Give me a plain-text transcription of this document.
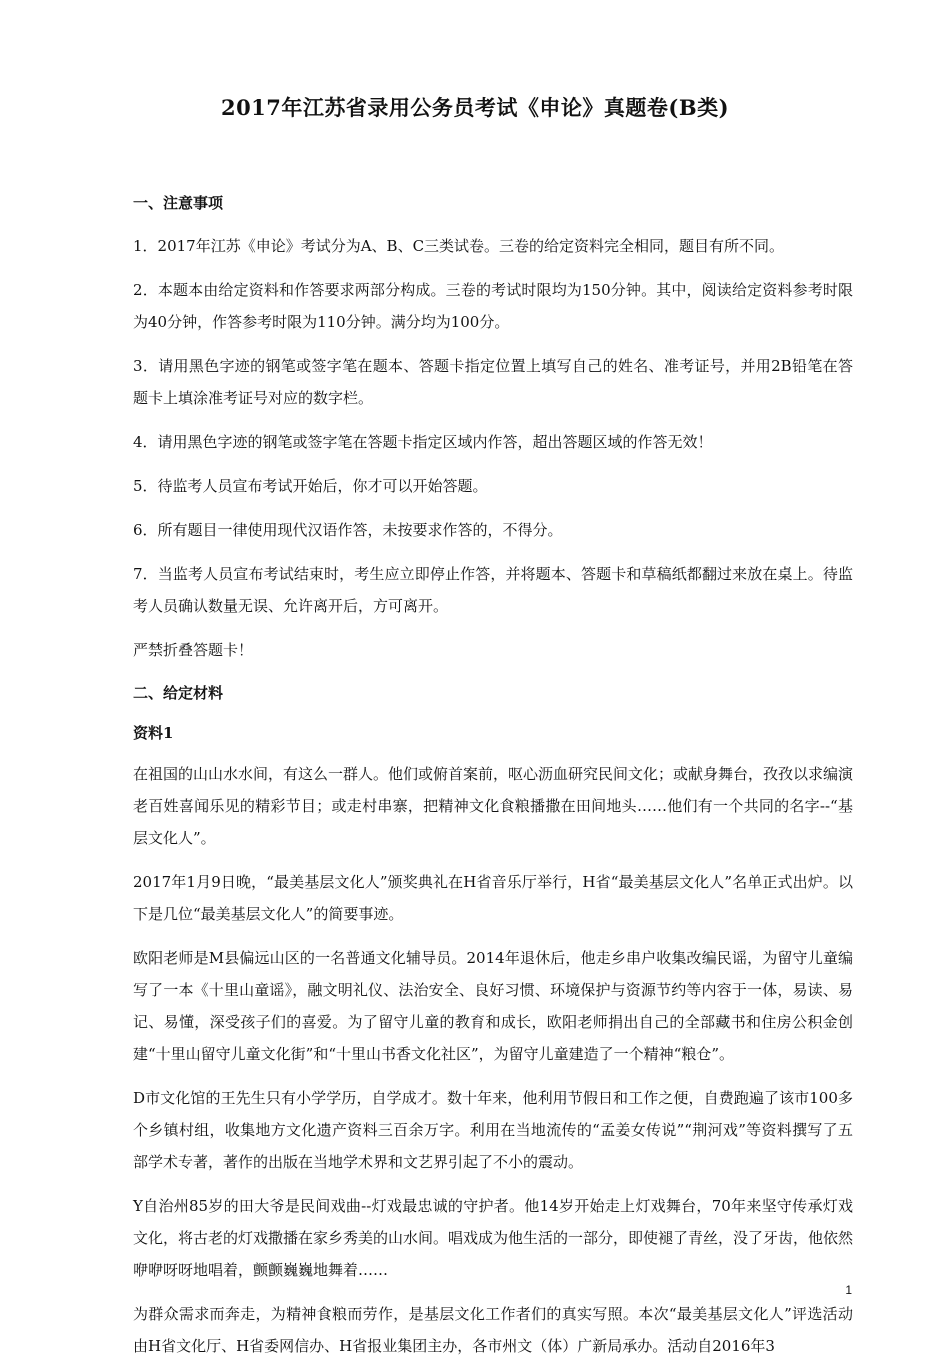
2017年江苏省录用公务员考试《申论》真题卷(B类)

一、注意事项

1．2017年江苏《申论》考试分为A、B、C三类试卷。三卷的给定资料完全相同，题目有所不同。

2．本题本由给定资料和作答要求两部分构成。三卷的考试时限均为150分钟。其中，阅读给定资料参考时限为40分钟，作答参考时限为110分钟。满分均为100分。

3．请用黑色字迹的钢笔或签字笔在题本、答题卡指定位置上填写自己的姓名、准考证号，并用2B铅笔在答题卡上填涂准考证号对应的数字栏。

4．请用黑色字迹的钢笔或签字笔在答题卡指定区域内作答，超出答题区域的作答无效！

5．待监考人员宣布考试开始后，你才可以开始答题。

6．所有题目一律使用现代汉语作答，未按要求作答的，不得分。

7．当监考人员宣布考试结束时，考生应立即停止作答，并将题本、答题卡和草稿纸都翻过来放在桌上。待监考人员确认数量无误、允许离开后，方可离开。

严禁折叠答题卡！

二、给定材料

资料1

在祖国的山山水水间，有这么一群人。他们或俯首案前，呕心沥血研究民间文化；或献身舞台，孜孜以求编演老百姓喜闻乐见的精彩节目；或走村串寨，把精神文化食粮播撒在田间地头……他们有一个共同的名字--“基层文化人”。

2017年1月9日晚，“最美基层文化人”颁奖典礼在H省音乐厅举行，H省“最美基层文化人”名单正式出炉。以下是几位“最美基层文化人”的简要事迹。

欧阳老师是M县偏远山区的一名普通文化辅导员。2014年退休后，他走乡串户收集改编民谣，为留守儿童编写了一本《十里山童谣》，融文明礼仪、法治安全、良好习惯、环境保护与资源节约等内容于一体，易读、易记、易懂，深受孩子们的喜爱。为了留守儿童的教育和成长，欧阳老师捐出自己的全部藏书和住房公积金创建“十里山留守儿童文化街”和“十里山书香文化社区”，为留守儿童建造了一个精神“粮仓”。

D市文化馆的王先生只有小学学历，自学成才。数十年来，他利用节假日和工作之便，自费跑遍了该市100多个乡镇村组，收集地方文化遗产资料三百余万字。利用在当地流传的“孟姜女传说”“荆河戏”等资料撰写了五部学术专著，著作的出版在当地学术界和文艺界引起了不小的震动。

Y自治州85岁的田大爷是民间戏曲--灯戏最忠诚的守护者。他14岁开始走上灯戏舞台，70年来坚守传承灯戏文化，将古老的灯戏撒播在家乡秀美的山水间。唱戏成为他生活的一部分，即使褪了青丝，没了牙齿，他依然咿咿呀呀地唱着，颤颤巍巍地舞着……

为群众需求而奔走，为精神食粮而劳作，是基层文化工作者们的真实写照。本次“最美基层文化人”评选活动由H省文化厅、H省委网信办、H省报业集团主办，各市州文（体）广新局承办。活动自2016年3

1
